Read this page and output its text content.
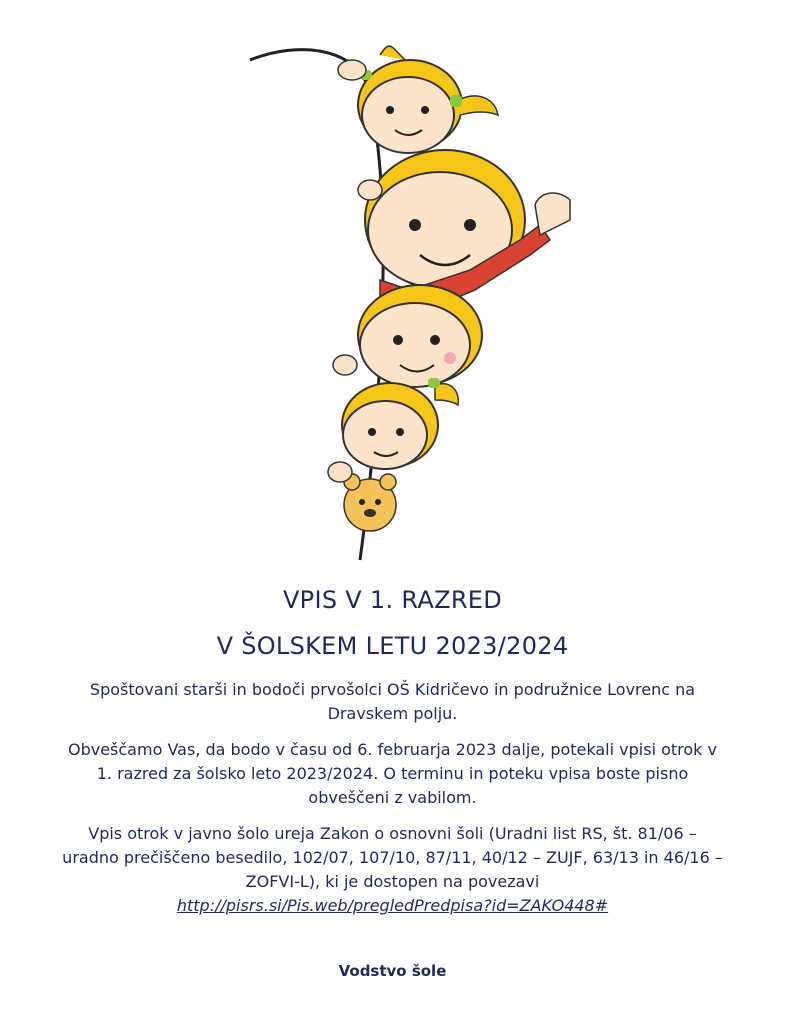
VPIS V 1. RAZRED
V ŠOLSKEM LETU 2023/2024

Spoštovani starši in bodoči prvošolci OŠ Kidričevo in podružnice Lovrenc na Dravskem polju.

Obveščamo Vas, da bodo v času od 6. februarja 2023 dalje, potekali vpisi otrok v 1. razred za šolsko leto 2023/2024. O terminu in poteku vpisa boste pisno obveščeni z vabilom.

Vpis otrok v javno šolo ureja Zakon o osnovni šoli (Uradni list RS, št. 81/06 – uradno prečiščeno besedilo, 102/07, 107/10, 87/11, 40/12 – ZUJF, 63/13 in 46/16 – ZOFVI-L), ki je dostopen na povezavi
http://pisrs.si/Pis.web/pregledPredpisa?id=ZAKO448#

Vodstvo šole
